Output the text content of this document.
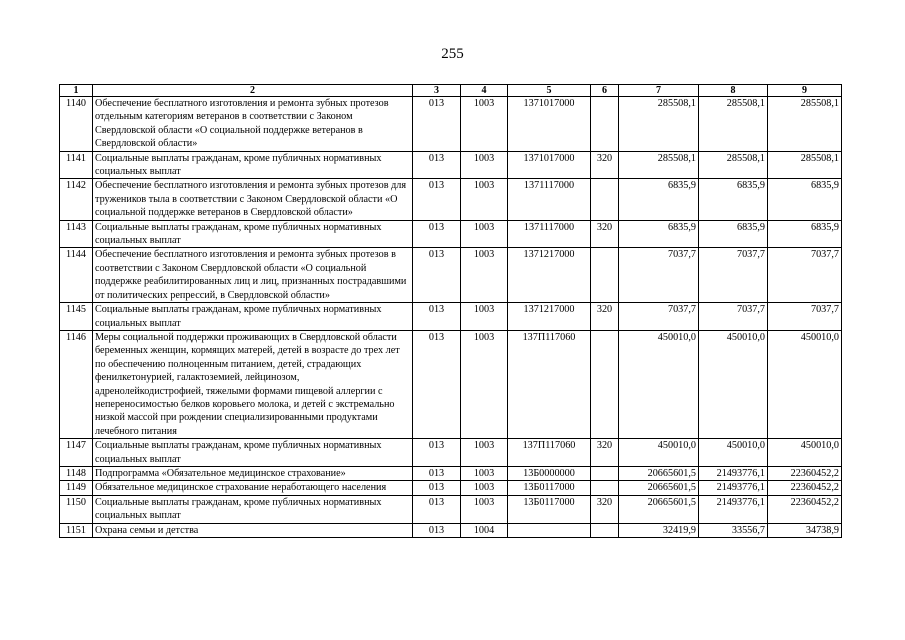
255
1	2	3	4	5	6	7	8	9
1140	Обеспечение бесплатного изготовления и ремонта зубных протезов отдельным категориям ветеранов в соответствии с Законом Свердловской области «О социальной поддержке ветеранов в Свердловской области»	013	1003	1371017000		285508,1	285508,1	285508,1
1141	Социальные выплаты гражданам, кроме публичных нормативных социальных выплат	013	1003	1371017000	320	285508,1	285508,1	285508,1
1142	Обеспечение бесплатного изготовления и ремонта зубных протезов для тружеников тыла в соответствии с Законом Свердловской области «О социальной поддержке ветеранов в Свердловской области»	013	1003	1371117000		6835,9	6835,9	6835,9
1143	Социальные выплаты гражданам, кроме публичных нормативных социальных выплат	013	1003	1371117000	320	6835,9	6835,9	6835,9
1144	Обеспечение бесплатного изготовления и ремонта зубных протезов в соответствии с Законом Свердловской области «О социальной поддержке реабилитированных лиц и лиц, признанных пострадавшими от политических репрессий, в Свердловской области»	013	1003	1371217000		7037,7	7037,7	7037,7
1145	Социальные выплаты гражданам, кроме публичных нормативных социальных выплат	013	1003	1371217000	320	7037,7	7037,7	7037,7
1146	Меры социальной поддержки проживающих в Свердловской области беременных женщин, кормящих матерей, детей в возрасте до трех лет по обеспечению полноценным питанием, детей, страдающих фенилкетонурией, галактоземией, лейцинозом, адренолейкодистрофией, тяжелыми формами пищевой аллергии с непереносимостью белков коровьего молока, и детей с экстремально низкой массой при рождении специализированными продуктами лечебного питания	013	1003	137П117060		450010,0	450010,0	450010,0
1147	Социальные выплаты гражданам, кроме публичных нормативных социальных выплат	013	1003	137П117060	320	450010,0	450010,0	450010,0
1148	Подпрограмма «Обязательное медицинское страхование»	013	1003	13Б0000000		20665601,5	21493776,1	22360452,2
1149	Обязательное медицинское страхование неработающего населения	013	1003	13Б0117000		20665601,5	21493776,1	22360452,2
1150	Социальные выплаты гражданам, кроме публичных нормативных социальных выплат	013	1003	13Б0117000	320	20665601,5	21493776,1	22360452,2
1151	Охрана семьи и детства	013	1004			32419,9	33556,7	34738,9
